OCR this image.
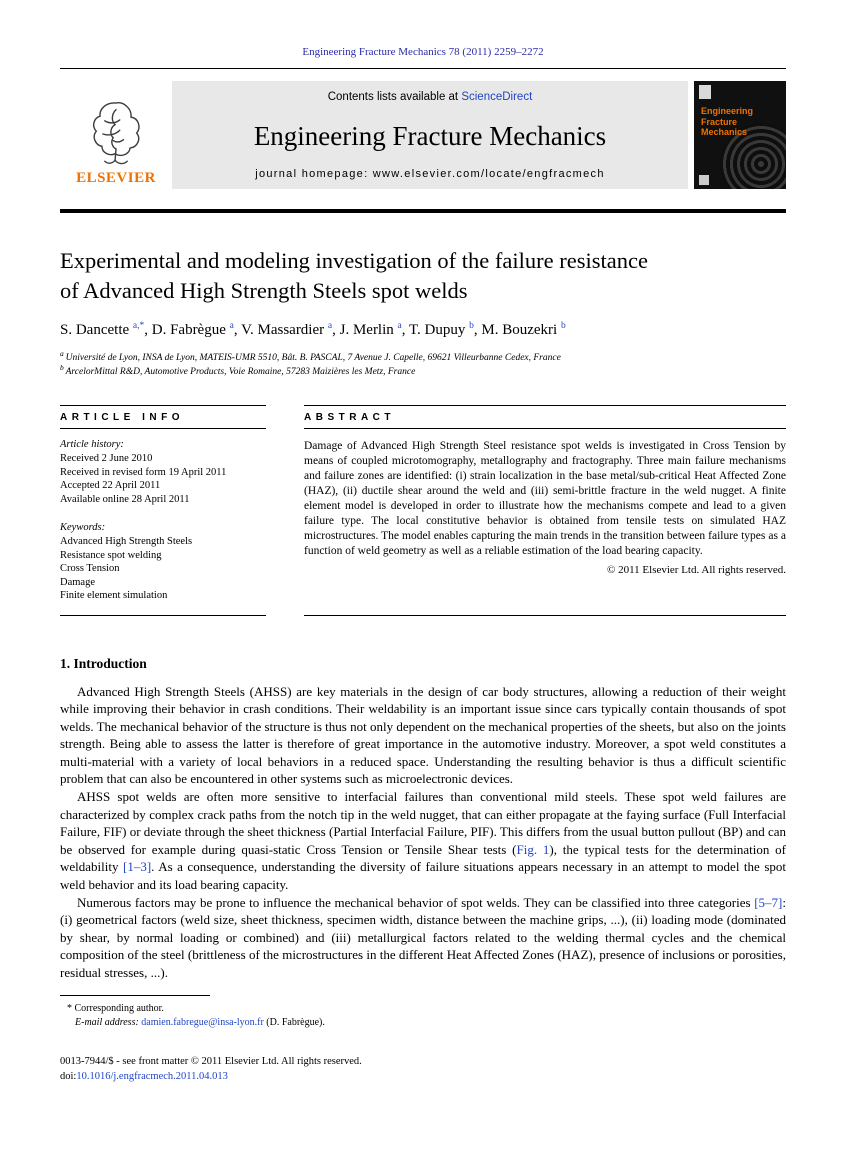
Engineering Fracture Mechanics 78 (2011) 2259–2272
ELSEVIER
Contents lists available at ScienceDirect
Engineering Fracture Mechanics
journal homepage: www.elsevier.com/locate/engfracmech
Engineering
Fracture Mechanics
Experimental and modeling investigation of the failure resistance
of Advanced High Strength Steels spot welds
S. Dancette $^{a,*}$, D. Fabrègue $^a$, V. Massardier $^a$, J. Merlin $^a$, T. Dupuy $^b$, M. Bouzekri $^b$
$^a$ Université de Lyon, INSA de Lyon, MATEIS-UMR 5510, Bât. B. PASCAL, 7 Avenue J. Capelle, 69621 Villeurbanne Cedex, France
$^b$ ArcelorMittal R&D, Automotive Products, Voie Romaine, 57283 Maizières les Metz, France
ARTICLE INFO
Article history:
Received 2 June 2010
Received in revised form 19 April 2011
Accepted 22 April 2011
Available online 28 April 2011
Keywords:
Advanced High Strength Steels
Resistance spot welding
Cross Tension
Damage
Finite element simulation
ABSTRACT
Damage of Advanced High Strength Steel resistance spot welds is investigated in Cross Tension by means of coupled microtomography, metallography and fractography. Three main failure mechanisms and failure zones are identified: (i) strain localization in the base metal/sub-critical Heat Affected Zone (HAZ), (ii) ductile shear around the weld and (iii) semi-brittle fracture in the weld nugget. A finite element model is developed in order to illustrate how the mechanisms compete and lead to a given failure type. The local constitutive behavior is obtained from tensile tests on simulated HAZ microstructures. The model enables capturing the main trends in the transition between failure types as a function of weld geometry as well as a reliable estimation of the load bearing capacity.
© 2011 Elsevier Ltd. All rights reserved.
1. Introduction

Advanced High Strength Steels (AHSS) are key materials in the design of car body structures, allowing a reduction of their weight while improving their behavior in crash conditions. Their weldability is an important issue since cars typically contain thousands of spot welds. The mechanical behavior of the structure is thus not only dependent on the mechanical properties of the sheets, but also on the joints strength. Being able to assess the latter is therefore of great importance in the automotive industry. Moreover, a spot weld constitutes a multi-material with a variety of local behaviors in a reduced space. Understanding the resulting behavior is thus a difficult scientific problem that can also be encountered in other systems such as microelectronic devices.

AHSS spot welds are often more sensitive to interfacial failures than conventional mild steels. These spot weld failures are characterized by complex crack paths from the notch tip in the weld nugget, that can either propagate at the faying surface (Full Interfacial Failure, FIF) or deviate through the sheet thickness (Partial Interfacial Failure, PIF). This differs from the usual button pullout (BP) and can be observed for example during quasi-static Cross Tension or Tensile Shear tests (Fig. 1), the typical tests for the determination of weldability [1–3]. As a consequence, understanding the diversity of failure situations appears necessary in an attempt to model the spot weld behavior and its load bearing capacity.

Numerous factors may be prone to influence the mechanical behavior of spot welds. They can be classified into three categories [5–7]: (i) geometrical factors (weld size, sheet thickness, specimen width, distance between the machine grips, ...), (ii) loading mode (dominated by shear, by normal loading or combined) and (iii) metallurgical factors related to the welding thermal cycles and the chemical composition of the steel (brittleness of the microstructures in the different Heat Affected Zones (HAZ), presence of inclusions or porosities, residual stresses, ...).

* Corresponding author.
E-mail address: damien.fabregue@insa-lyon.fr (D. Fabrègue).
0013-7944/$ - see front matter © 2011 Elsevier Ltd. All rights reserved.
doi:10.1016/j.engfracmech.2011.04.013
